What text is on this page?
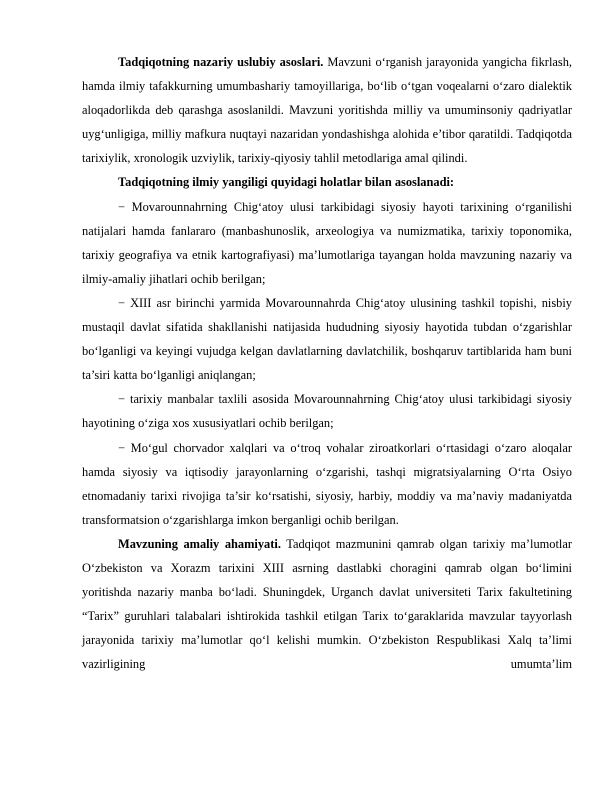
Tadqiqotning nazariy uslubiy asoslari. Mavzuni o‘rganish jarayonida yangicha fikrlash, hamda ilmiy tafakkurning umumbashariy tamoyillariga, bo‘lib o‘tgan voqealarni o‘zaro dialektik aloqadorlikda deb qarashga asoslanildi. Mavzuni yoritishda milliy va umuminsoniy qadriyatlar uyg‘unligiga, milliy mafkura nuqtayi nazaridan yondashishga alohida e’tibor qaratildi. Tadqiqotda tarixiylik, xronologik uzviylik, tarixiy-qiyosiy tahlil metodlariga amal qilindi.

Tadqiqotning ilmiy yangiligi quyidagi holatlar bilan asoslanadi:

− Movarounnahrning Chig‘atoy ulusi tarkibidagi siyosiy hayoti tarixining o‘rganilishi natijalari hamda fanlararo (manbashunoslik, arxeologiya va numizmatika, tarixiy toponomika, tarixiy geografiya va etnik kartografiyasi) ma’lumotlariga tayangan holda mavzuning nazariy va ilmiy-amaliy jihatlari ochib berilgan;

− XIII asr birinchi yarmida Movarounnahrda Chig‘atoy ulusining tashkil topishi, nisbiy mustaqil davlat sifatida shakllanishi natijasida hududning siyosiy hayotida tubdan o‘zgarishlar bo‘lganligi va keyingi vujudga kelgan davlatlarning davlatchilik, boshqaruv tartiblarida ham buni ta’siri katta bo‘lganligi aniqlangan;

− tarixiy manbalar taxlili asosida Movarounnahrning Chig‘atoy ulusi tarkibidagi siyosiy hayotining o‘ziga xos xususiyatlari ochib berilgan;

− Mo‘gul chorvador xalqlari va o‘troq vohalar ziroatkorlari o‘rtasidagi o‘zaro aloqalar hamda siyosiy va iqtisodiy jarayonlarning o‘zgarishi, tashqi migratsiyalarning O‘rta Osiyo etnomadaniy tarixi rivojiga ta’sir ko‘rsatishi, siyosiy, harbiy, moddiy va ma’naviy madaniyatda transformatsion o‘zgarishlarga imkon berganligi ochib berilgan.

Mavzuning amaliy ahamiyati. Tadqiqot mazmunini qamrab olgan tarixiy ma’lumotlar O‘zbekiston va Xorazm tarixini XIII asrning dastlabki choragini qamrab olgan bo‘limini yoritishda nazariy manba bo‘ladi. Shuningdek, Urganch davlat universiteti Tarix fakultetining “Tarix” guruhlari talabalari ishtirokida tashkil etilgan Tarix to‘garaklarida mavzular tayyorlash jarayonida tarixiy ma’lumotlar qo‘l kelishi mumkin. O‘zbekiston Respublikasi Xalq ta’limi vazirligining umumta’lim
